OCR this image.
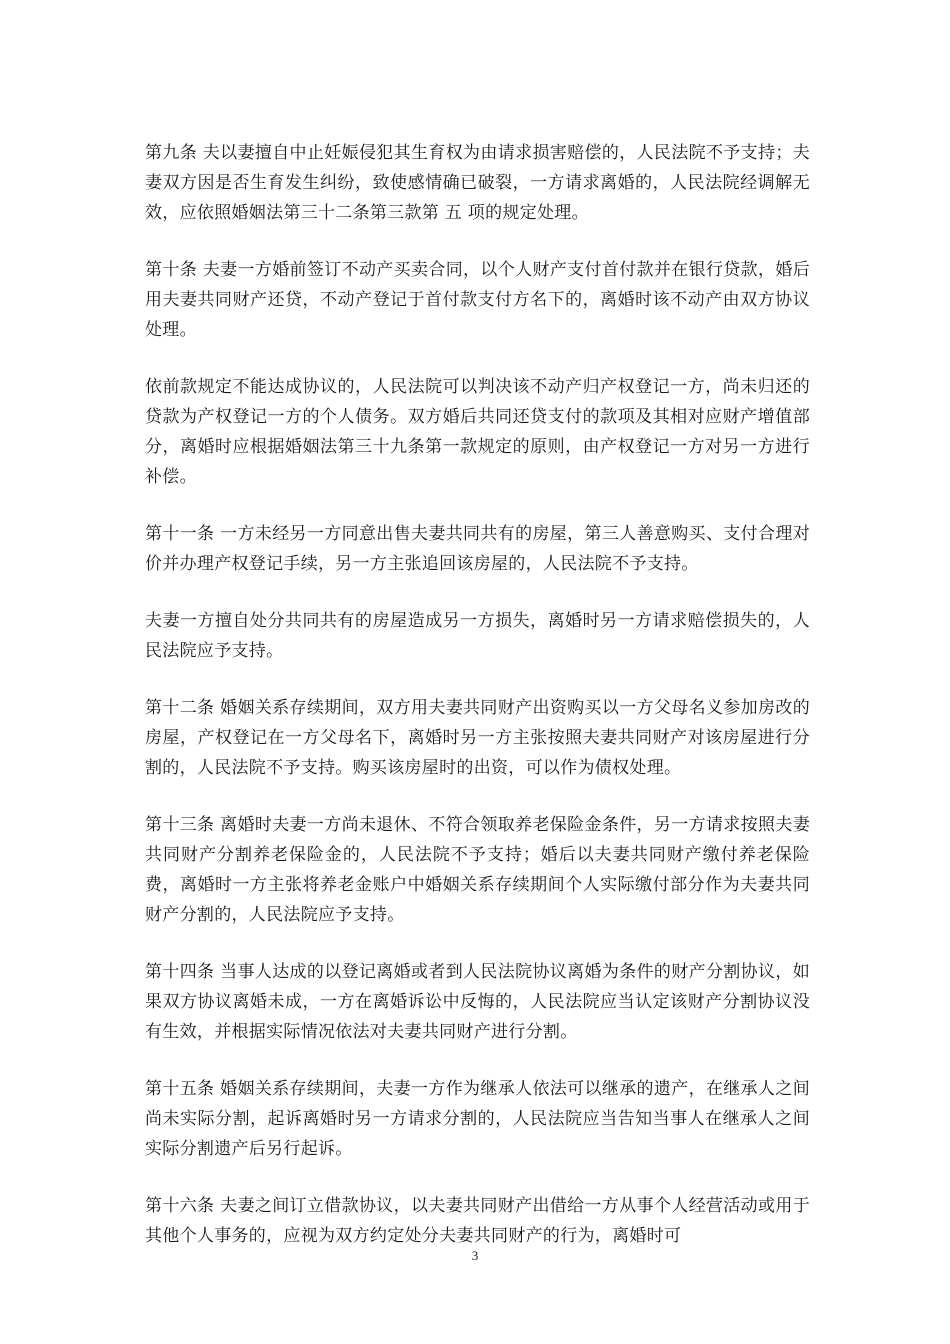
第九条 夫以妻擅自中止妊娠侵犯其生育权为由请求损害赔偿的，人民法院不予支持；夫妻双方因是否生育发生纠纷，致使感情确已破裂，一方请求离婚的，人民法院经调解无效，应依照婚姻法第三十二条第三款第 五 项的规定处理。

第十条 夫妻一方婚前签订不动产买卖合同，以个人财产支付首付款并在银行贷款，婚后用夫妻共同财产还贷，不动产登记于首付款支付方名下的，离婚时该不动产由双方协议处理。

依前款规定不能达成协议的，人民法院可以判决该不动产归产权登记一方，尚未归还的贷款为产权登记一方的个人债务。双方婚后共同还贷支付的款项及其相对应财产增值部分，离婚时应根据婚姻法第三十九条第一款规定的原则，由产权登记一方对另一方进行补偿。

第十一条 一方未经另一方同意出售夫妻共同共有的房屋，第三人善意购买、支付合理对价并办理产权登记手续，另一方主张追回该房屋的，人民法院不予支持。

夫妻一方擅自处分共同共有的房屋造成另一方损失，离婚时另一方请求赔偿损失的，人民法院应予支持。

第十二条 婚姻关系存续期间，双方用夫妻共同财产出资购买以一方父母名义参加房改的房屋，产权登记在一方父母名下，离婚时另一方主张按照夫妻共同财产对该房屋进行分割的，人民法院不予支持。购买该房屋时的出资，可以作为债权处理。

第十三条 离婚时夫妻一方尚未退休、不符合领取养老保险金条件，另一方请求按照夫妻共同财产分割养老保险金的，人民法院不予支持；婚后以夫妻共同财产缴付养老保险费，离婚时一方主张将养老金账户中婚姻关系存续期间个人实际缴付部分作为夫妻共同财产分割的，人民法院应予支持。

第十四条 当事人达成的以登记离婚或者到人民法院协议离婚为条件的财产分割协议，如果双方协议离婚未成，一方在离婚诉讼中反悔的，人民法院应当认定该财产分割协议没有生效，并根据实际情况依法对夫妻共同财产进行分割。

第十五条 婚姻关系存续期间，夫妻一方作为继承人依法可以继承的遗产，在继承人之间尚未实际分割，起诉离婚时另一方请求分割的，人民法院应当告知当事人在继承人之间实际分割遗产后另行起诉。

第十六条 夫妻之间订立借款协议，以夫妻共同财产出借给一方从事个人经营活动或用于其他个人事务的，应视为双方约定处分夫妻共同财产的行为，离婚时可

3
